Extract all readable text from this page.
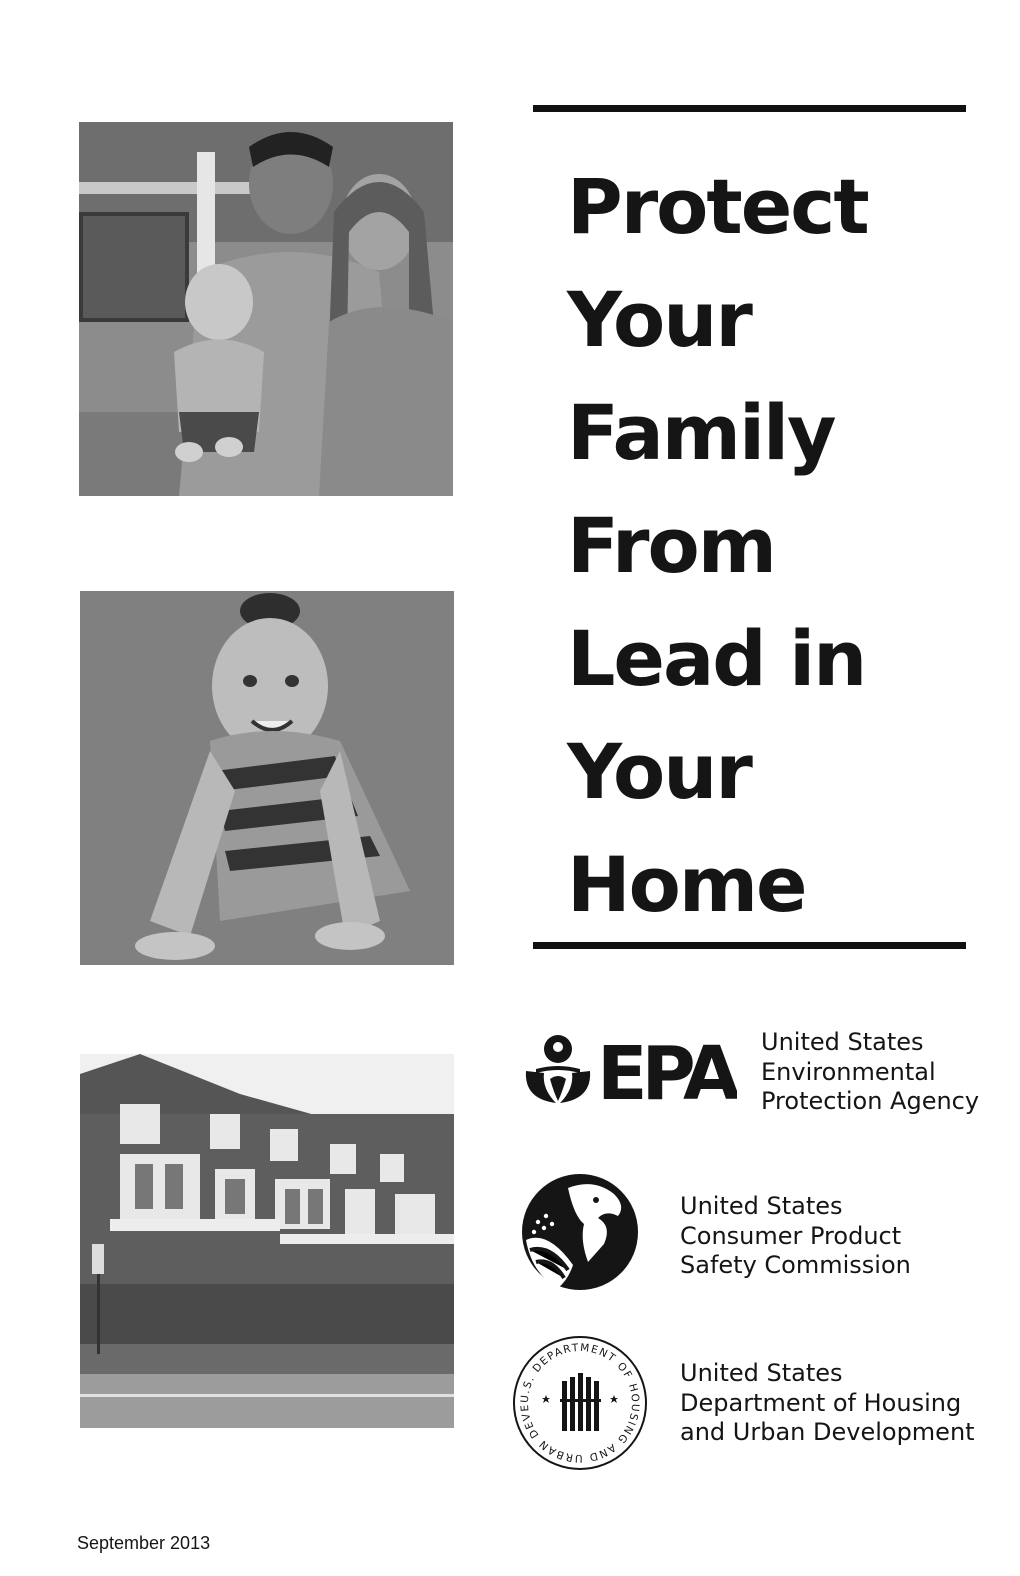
Protect
Your
Family
From
Lead in
Your
Home
EPA United States
Environmental
Protection Agency
United States
Consumer Product
Safety Commission
U.S. DEPARTMENT OF HOUSING AND URBAN DEVE
United States
Department of Housing
and Urban Development
September 2013
